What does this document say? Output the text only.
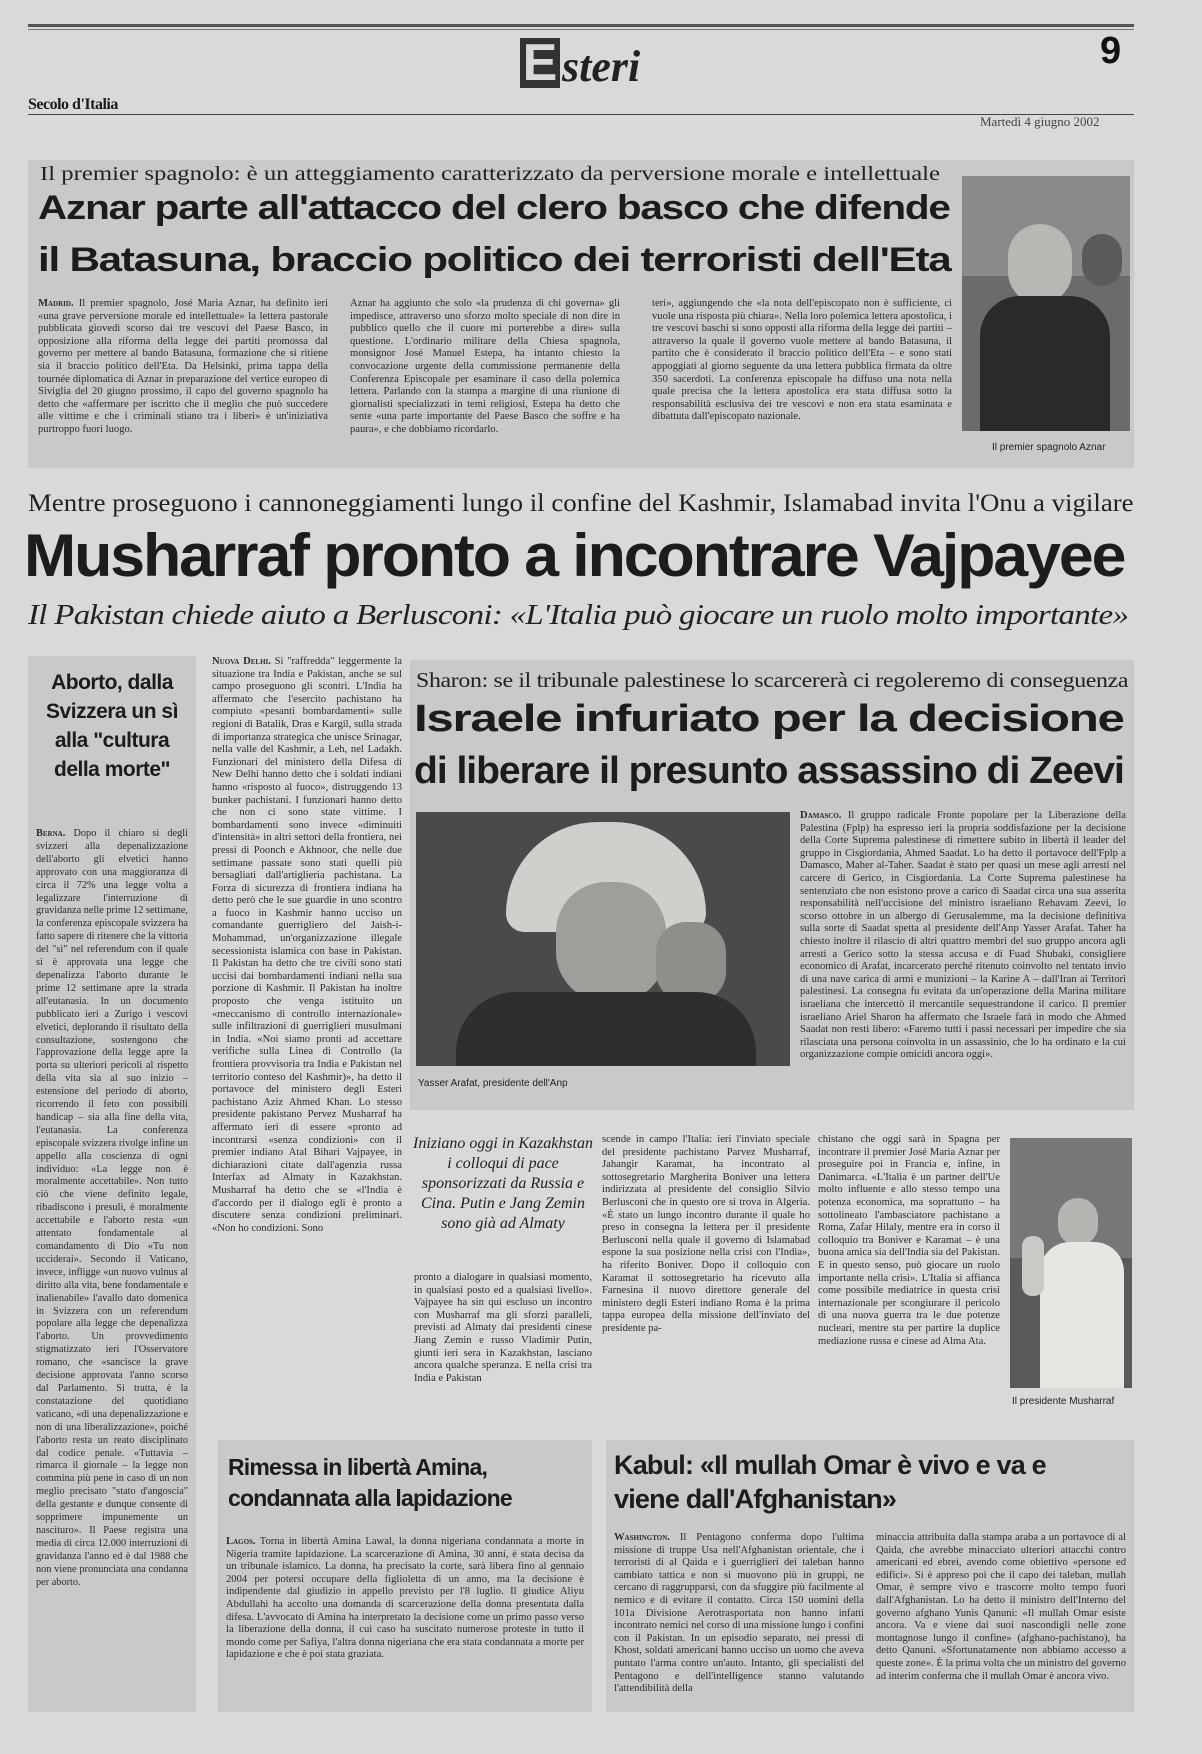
E steri	9
Secolo d'Italia
Martedì 4 giugno 2002
Il premier spagnolo: è un atteggiamento caratterizzato da perversione morale e intellettuale
Aznar parte all'attacco del clero basco che difende
il Batasuna, braccio politico dei terroristi dell'Eta
Madrid. Il premier spagnolo, José Maria Aznar, ha definito ieri «una grave perversione morale ed intellettuale» la lettera pastorale pubblicata giovedì scorso dai tre vescovi del Paese Basco, in opposizione alla riforma della legge dei partiti promossa dal governo per mettere al bando Batasuna, formazione che si ritiene sia il braccio politico dell'Eta. Da Helsinki, prima tappa della tournée diplomatica di Aznar in preparazione del vertice europeo di Siviglia del 20 giugno prossimo, il capo del governo spagnolo ha detto che «affermare per iscritto che il meglio che può succedere alle vittime e che i criminali stiano tra i liberi» è un'iniziativa purtroppo fuori luogo.
Aznar ha aggiunto che solo «la prudenza di chi governa» gli impedisce, attraverso uno sforzo molto speciale di non dire in pubblico quello che il cuore mi porterebbe a dire» sulla questione. L'ordinario militare della Chiesa spagnola, monsignor José Manuel Estepa, ha intanto chiesto la convocazione urgente della commissione permanente della Conferenza Episcopale per esaminare il caso della polemica lettera. Parlando con la stampa a margine di una riunione di giornalisti specializzati in temi religiosi, Estepa ha detto che sente «una parte importante del Paese Basco che soffre e ha paura», e che dobbiamo ricordarlo.
teri», aggiungendo che «la nota dell'episcopato non è sufficiente, ci vuole una risposta più chiara». Nella loro polemica lettera apostolica, i tre vescovi baschi si sono opposti alla riforma della legge dei partiti – attraverso la quale il governo vuole mettere al bando Batasuna, il partito che è considerato il braccio politico dell'Eta – e sono stati appoggiati al giorno seguente da una lettera pubblica firmata da oltre 350 sacerdoti. La conferenza episcopale ha diffuso una nota nella quale precisa che la lettera apostolica era stata diffusa sotto la responsabilità esclusiva dei tre vescovi e non era stata esaminata e dibattuta dall'episcopato nazionale.
Il premier spagnolo Aznar
Mentre proseguono i cannoneggiamenti lungo il confine del Kashmir, Islamabad invita l'Onu a vigilare
Musharraf pronto a incontrare Vajpayee
Il Pakistan chiede aiuto a Berlusconi: «L'Italia può giocare un ruolo molto importante»
Aborto, dalla Svizzera un sì alla "cultura della morte"
Berna. Dopo il chiaro sì degli svizzeri alla depenalizzazione dell'aborto gli elvetici hanno approvato con una maggioranza di circa il 72% una legge volta a legalizzare l'interruzione di gravidanza nelle prime 12 settimane, la conferenza episcopale svizzera ha fatto sapere di ritenere che la vittoria del "sì" nel referendum con il quale si è approvata una legge che depenalizza l'aborto durante le prime 12 settimane apre la strada all'eutanasia. In un documento pubblicato ieri a Zurigo i vescovi elvetici, deplorando il risultato della consultazione, sostengono che l'approvazione della legge apre la porta su ulteriori pericoli al rispetto della vita sia al suo inizio – estensione del periodo di aborto, ricorrendo il feto con possibili handicap – sia alla fine della vita, l'eutanasia. La conferenza episcopale svizzera rivolge infine un appello alla coscienza di ogni individuo: «La legge non è moralmente accettabile». Non tutto ciò che viene definito legale, ribadiscono i presuli, è moralmente accettabile e l'aborto resta «un attentato fondamentale al comandamento di Dio «Tu non ucciderai». Secondo il Vaticano, invece, infligge «un nuovo vulnus al diritto alla vita, bene fondamentale e inalienabile» l'avallo dato domenica in Svizzera con un referendum popolare alla legge che depenalizza l'aborto. Un provvedimento stigmatizzato ieri l'Osservatore romano, che «sancisce la grave decisione approvata l'anno scorso dal Parlamento. Si tratta, è la constatazione del quotidiano vaticano, «di una depenalizzazione e non di una liberalizzazione», poiché l'aborto resta un reato disciplinato dal codice penale. «Tuttavia – rimarca il giornale – la legge non commina più pene in caso di un non meglio precisato "stato d'angoscia" della gestante e dunque consente di sopprimere impunemente un nascituro». Il Paese registra una media di circa 12.000 interruzioni di gravidanza l'anno ed è dal 1988 che non viene pronunciata una condanna per aborto.
Nuova Delhi. Si "raffredda" leggermente la situazione tra India e Pakistan, anche se sul campo proseguono gli scontri. L'India ha affermato che l'esercito pachistano ha compiuto «pesanti bombardamenti» sulle regioni di Batalik, Dras e Kargil, sulla strada di importanza strategica che unisce Srinagar, nella valle del Kashmir, a Leh, nel Ladakh. Funzionari del ministero della Difesa di New Delhi hanno detto che i soldati indiani hanno «risposto al fuoco», distruggendo 13 bunker pachistani. I funzionari hanno detto che non ci sono state vittime. I bombardamenti sono invece «diminuiti d'intensità» in altri settori della frontiera, nei pressi di Poonch e Akhnoor, che nelle due settimane passate sono stati quelli più bersagliati dall'artiglieria pachistana. La Forza di sicurezza di frontiera indiana ha detto però che le sue guardie in uno scontro a fuoco in Kashmir hanno ucciso un comandante guerrigliero del Jaish-i-Mohammad, un'organizzazione illegale secessionista islamica con base in Pakistan. Il Pakistan ha detto che tre civili sono stati uccisi dai bombardamenti indiani nella sua porzione di Kashmir. Il Pakistan ha inoltre proposto che venga istituito un «meccanismo di controllo internazionale» sulle infiltrazioni di guerriglieri musulmani in India. «Noi siamo pronti ad accettare verifiche sulla Linea di Controllo (la frontiera provvisoria tra India e Pakistan nel territorio conteso del Kashmir)», ha detto il portavoce del ministero degli Esteri pachistano Aziz Ahmed Khan. Lo stesso presidente pakistano Pervez Musharraf ha affermato ieri di essere «pronto ad incontrarsi «senza condizioni» con il premier indiano Atal Bihari Vajpayee, in dichiarazioni citate dall'agenzia russa Interfax ad Almaty in Kazakhstan. Musharraf ha detto che se «l'India è d'accordo per il dialogo egli è pronto a discutere senza condizioni preliminari. «Non ho condizioni. Sono
Sharon: se il tribunale palestinese lo scarcererà ci regoleremo di conseguenza
Israele infuriato per la decisione
di liberare il presunto assassino di Zeevi
Yasser Arafat, presidente dell'Anp
Damasco. Il gruppo radicale Fronte popolare per la Liberazione della Palestina (Fplp) ha espresso ieri la propria soddisfazione per la decisione della Corte Suprema palestinese di rimettere subito in libertà il leader del gruppo in Cisgiordania, Ahmed Saadat. Lo ha detto il portavoce dell'Fplp a Damasco, Maher al-Taher. Saadat è stato per quasi un mese agli arresti nel carcere di Gerico, in Cisgiordania. La Corte Suprema palestinese ha sentenziato che non esistono prove a carico di Saadat circa una sua asserita responsabilità nell'uccisione del ministro israeliano Rehavam Zeevi, lo scorso ottobre in un albergo di Gerusalemme, ma la decisione definitiva sulla sorte di Saadat spetta al presidente dell'Anp Yasser Arafat. Taher ha chiesto inoltre il rilascio di altri quattro membri del suo gruppo ancora agli arresti a Gerico sotto la stessa accusa e di Fuad Shubaki, consigliere economico di Arafat, incarcerato perché ritenuto coinvolto nel tentato invio di una nave carica di armi e munizioni – la Karine A – dall'Iran ai Territori palestinesi. La consegna fu evitata da un'operazione della Marina militare israeliana che intercettò il mercantile sequestrandone il carico. Il premier israeliano Ariel Sharon ha affermato che Israele farà in modo che Ahmed Saadat non resti libero: «Faremo tutti i passi necessari per impedire che sia rilasciata una persona coinvolta in un assassinio, che lo ha ordinato e la cui organizzazione compie omicidi ancora oggi».
Iniziano oggi in Kazakhstan i colloqui di pace sponsorizzati da Russia e Cina. Putin e Jang Zemin sono già ad Almaty
pronto a dialogare in qualsiasi momento, in qualsiasi posto ed a qualsiasi livello». Vajpayee ha sin qui escluso un incontro con Musharraf ma gli sforzi paralleli, previsti ad Almaty dai presidenti cinese Jiang Zemin e russo Vladimir Putin, giunti ieri sera in Kazakhstan, lasciano ancora qualche speranza. E nella crisi tra India e Pakistan
scende in campo l'Italia: ieri l'inviato speciale del presidente pachistano Parvez Musharraf, Jahangir Karamat, ha incontrato al sottosegretario Margherita Boniver una lettera indirizzata al presidente del consiglio Silvio Berlusconi che in questo ore si trova in Algeria. «È stato un lungo incontro durante il quale ho preso in consegna la lettera per il presidente Berlusconi nella quale il governo di Islamabad espone la sua posizione nella crisi con l'India», ha riferito Boniver. Dopo il colloquio con Karamat il sottosegretario ha ricevuto alla Farnesina il nuovo direttore generale del ministero degli Esteri indiano Roma è la prima tappa europea della missione dell'inviato del presidente pa-
chistano che oggi sarà in Spagna per incontrare il premier José Maria Aznar per proseguire poi in Francia e, infine, in Danimarca. «L'Italia è un partner dell'Ue molto influente e allo stesso tempo una potenza economica, ma soprattutto – ha sottolineato l'ambasciatore pachistano a Roma, Zafar Hilaly, mentre era in corso il colloquio tra Boniver e Karamat – è una buona amica sia dell'India sia del Pakistan. E in questo senso, può giocare un ruolo importante nella crisi». L'Italia si affianca come possibile mediatrice in questa crisi internazionale per scongiurare il pericolo di una nuova guerra tra le due potenze nucleari, mentre sta per partire la duplice mediazione russa e cinese ad Alma Ata.
Il presidente Musharraf
Rimessa in libertà Amina, condannata alla lapidazione
Lagos. Torna in libertà Amina Lawal, la donna nigeriana condannata a morte in Nigeria tramite lapidazione. La scarcerazione di Amina, 30 anni, è stata decisa da un tribunale islamico. La donna, ha precisato la corte, sarà libera fino al gennaio 2004 per potersi occupare della figlioletta di un anno, ma la decisione è indipendente dal giudizio in appello previsto per l'8 luglio. Il giudice Aliyu Abdullahi ha accolto una domanda di scarcerazione della donna presentata dalla difesa. L'avvocato di Amina ha interpretato la decisione come un primo passo verso la liberazione della donna, il cui caso ha suscitato numerose proteste in tutto il mondo come per Safiya, l'altra donna nigeriana che era stata condannata a morte per lapidazione e che è poi stata graziata.
Kabul: «Il mullah Omar è vivo e va e viene dall'Afghanistan»
Washington. Il Pentagono conferma dopo l'ultima missione di truppe Usa nell'Afghanistan orientale, che i terroristi di al Qaida e i guerriglieri dei taleban hanno cambiato tattica e non si muovono più in gruppi, ne cercano di raggrupparsi, con da sfuggire più facilmente al nemico e di evitare il contatto. Circa 150 uomini della 101a Divisione Aerotrasportata non hanno infatti incontrato nemici nel corso di una missione lungo i confini con il Pakistan. In un episodio separato, nei pressi di Khost, soldati americani hanno ucciso un uomo che aveva puntato l'arma contro un'auto. Intanto, gli specialisti del Pentagono e dell'intelligence stanno valutando l'attendibilità della
minaccia attribuita dalla stampa araba a un portavoce di al Qaida, che avrebbe minacciato ulteriori attacchi contro americani ed ebrei, avendo come obiettivo «persone ed edifici». Si è appreso poi che il capo dei taleban, mullah Omar, è sempre vivo e trascorre molto tempo fuori dall'Afghanistan. Lo ha detto il ministro dell'Interno del governo afghano Yunis Qanuni: «Il mullah Omar esiste ancora. Va e viene dai suoi nascondigli nelle zone montagnose lungo il confine» (afghano-pachistano), ha detto Qanuni. «Sfortunatamente non abbiamo accesso a queste zone». È la prima volta che un ministro del governo ad interim conferma che il mullah Omar è ancora vivo.
